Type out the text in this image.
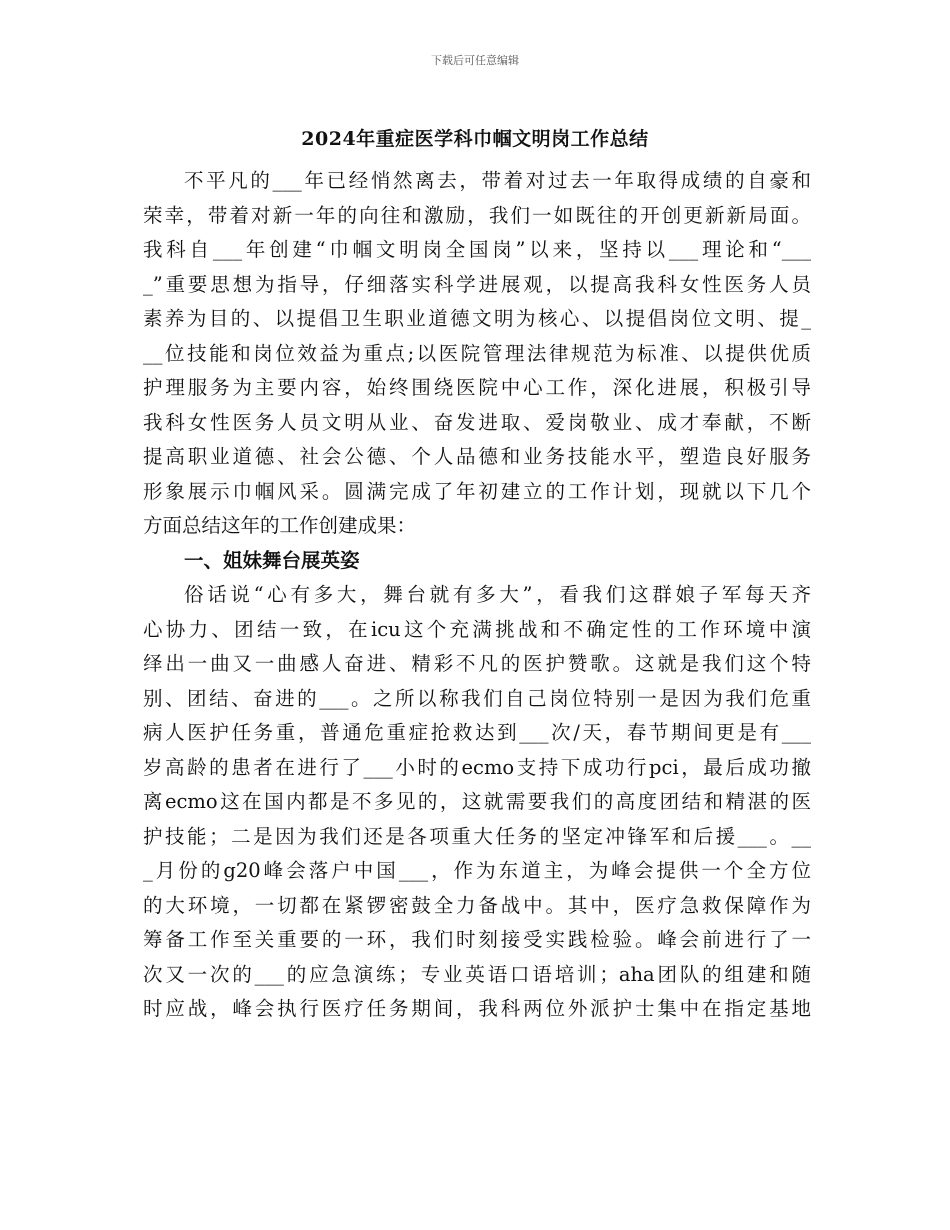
下载后可任意编辑
2024年重症医学科巾帼文明岗工作总结
不平凡的___年已经悄然离去，带着对过去一年取得成绩的自豪和
荣幸，带着对新一年的向往和激励，我们一如既往的开创更新新局面。
我科自___年创建“巾帼文明岗全国岗”以来，坚持以___理论和“___
_”重要思想为指导，仔细落实科学进展观，以提高我科女性医务人员
素养为目的、以提倡卫生职业道德文明为核心、以提倡岗位文明、提_
__位技能和岗位效益为重点;以医院管理法律规范为标准、以提供优质
护理服务为主要内容，始终围绕医院中心工作，深化进展，积极引导
我科女性医务人员文明从业、奋发进取、爱岗敬业、成才奉献，不断
提高职业道德、社会公德、个人品德和业务技能水平，塑造良好服务
形象展示巾帼风采。圆满完成了年初建立的工作计划，现就以下几个
方面总结这年的工作创建成果：
一、姐妹舞台展英姿
俗话说“心有多大，舞台就有多大”，看我们这群娘子军每天齐
心协力、团结一致，在icu这个充满挑战和不确定性的工作环境中演
绎出一曲又一曲感人奋进、精彩不凡的医护赞歌。这就是我们这个特
别、团结、奋进的___。之所以称我们自己岗位特别一是因为我们危重
病人医护任务重，普通危重症抢救达到___次/天，春节期间更是有___
岁高龄的患者在进行了___小时的ecmo支持下成功行pci，最后成功撤
离ecmo这在国内都是不多见的，这就需要我们的高度团结和精湛的医
护技能；二是因为我们还是各项重大任务的坚定冲锋军和后援___。__
_月份的g20峰会落户中国___，作为东道主，为峰会提供一个全方位
的大环境，一切都在紧锣密鼓全力备战中。其中，医疗急救保障作为
筹备工作至关重要的一环，我们时刻接受实践检验。峰会前进行了一
次又一次的___的应急演练；专业英语口语培训；aha团队的组建和随
时应战，峰会执行医疗任务期间，我科两位外派护士集中在指定基地
